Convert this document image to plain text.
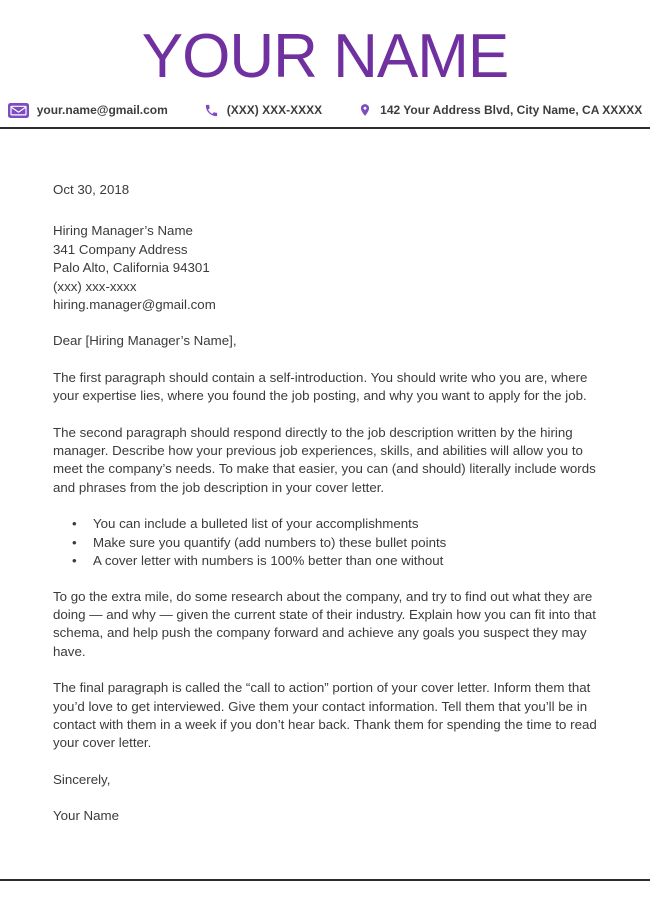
YOUR NAME
your.name@gmail.com	(XXX) XXX-XXXX	142 Your Address Blvd, City Name, CA XXXXX

Oct 30, 2018

Hiring Manager’s Name
341 Company Address
Palo Alto, California 94301
(xxx) xxx-xxxx
hiring.manager@gmail.com

Dear [Hiring Manager’s Name],

The first paragraph should contain a self-introduction. You should write who you are, where your expertise lies, where you found the job posting, and why you want to apply for the job.

The second paragraph should respond directly to the job description written by the hiring manager. Describe how your previous job experiences, skills, and abilities will allow you to meet the company’s needs. To make that easier, you can (and should) literally include words and phrases from the job description in your cover letter.

• You can include a bulleted list of your accomplishments
• Make sure you quantify (add numbers to) these bullet points
• A cover letter with numbers is 100% better than one without

To go the extra mile, do some research about the company, and try to find out what they are doing — and why — given the current state of their industry. Explain how you can fit into that schema, and help push the company forward and achieve any goals you suspect they may have.

The final paragraph is called the “call to action” portion of your cover letter. Inform them that you’d love to get interviewed. Give them your contact information. Tell them that you’ll be in contact with them in a week if you don’t hear back. Thank them for spending the time to read your cover letter.

Sincerely,

Your Name
